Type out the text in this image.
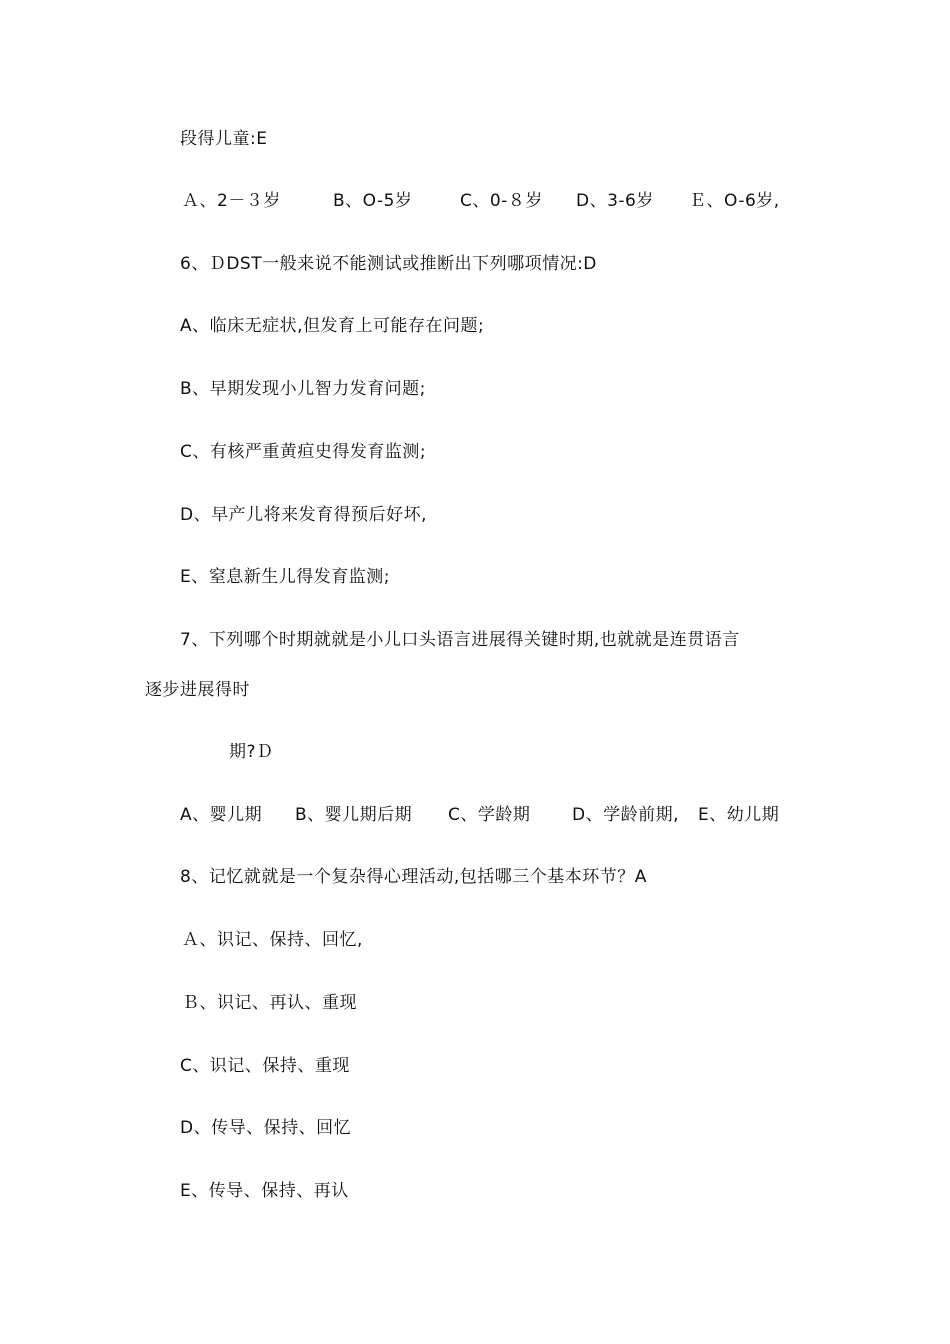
段得儿童:E
Ａ、2－３岁	B、O-5岁	C、0-８岁 D、3-6岁 Ｅ、O-6岁,
6、ＤDST一般来说不能测试或推断出下列哪项情况:D
A、临床无症状,但发育上可能存在问题;
B、早期发现小儿智力发育问题;
C、有核严重黄疸史得发育监测;
D、早产儿将来发育得预后好坏,
E、窒息新生儿得发育监测;
7、下列哪个时期就就是小儿口头语言进展得关键时期,也就就是连贯语言
逐步进展得时
期?Ｄ
A、婴儿期 B、婴儿期后期 C、学龄期 D、学龄前期, E、幼儿期
8、记忆就就是一个复杂得心理活动,包括哪三个基本环节？A
Ａ、识记、保持、回忆,
Ｂ、识记、再认、重现
C、识记、保持、重现
D、传导、保持、回忆
E、传导、保持、再认
